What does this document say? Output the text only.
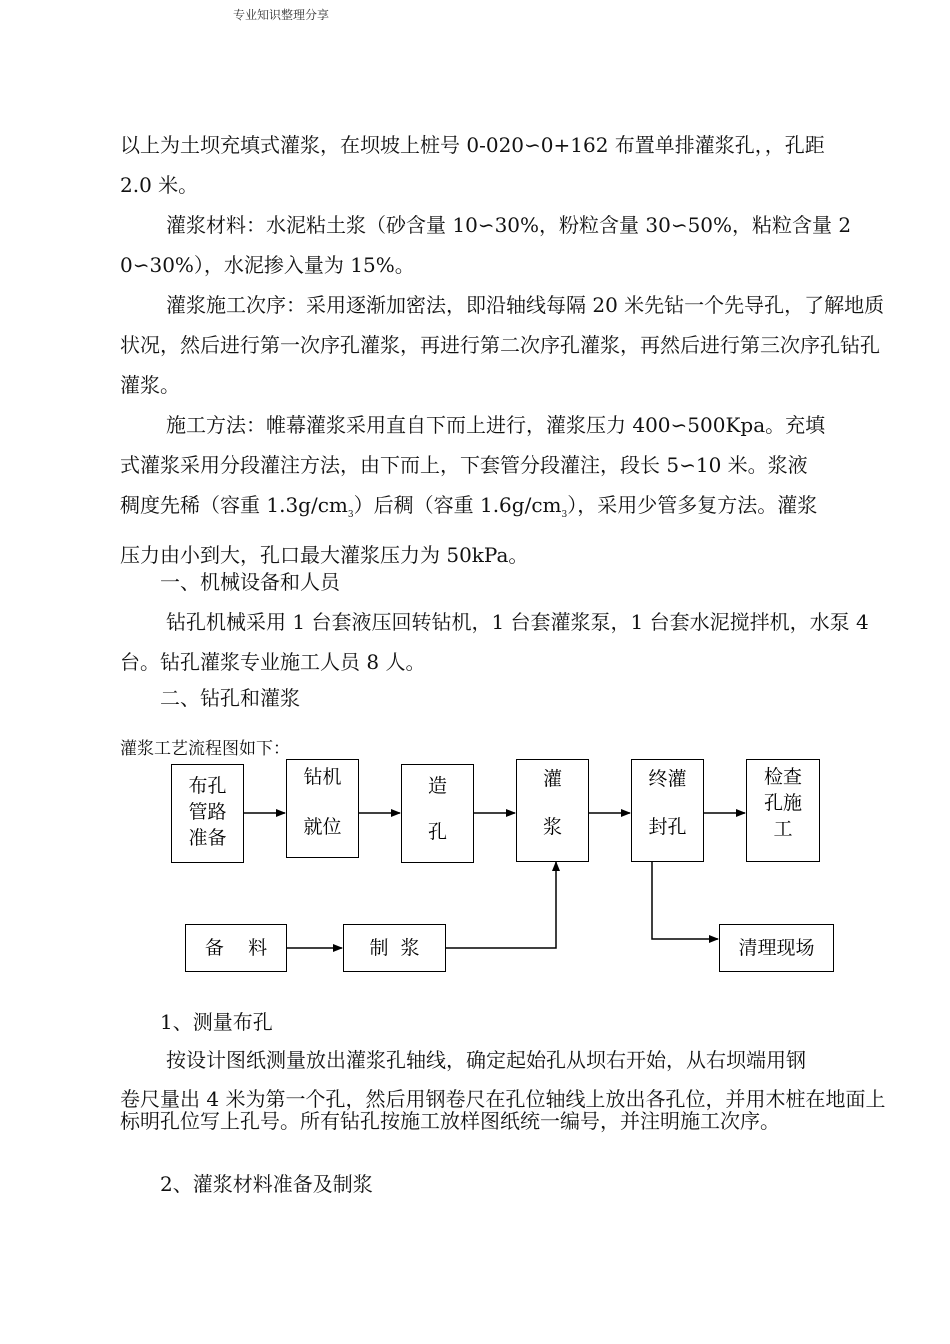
专业知识整理分享
以上为土坝充填式灌浆，在坝坡上桩号 0-020∽0+162 布置单排灌浆孔，，孔距
2.0 米。
灌浆材料：水泥粘土浆（砂含量 10∽30%，粉粒含量 30∽50%，粘粒含量 2
0∽30%），水泥掺入量为 15%。

灌浆施工次序：采用逐渐加密法，即沿轴线每隔 20 米先钻一个先导孔，了解地质状况，然后进行第一次序孔灌浆，再进行第二次序孔灌浆，再然后进行第三次序孔钻孔灌浆。

施工方法：帷幕灌浆采用直自下而上进行，灌浆压力 400∽500Kpa。充填
式灌浆采用分段灌注方法，由下而上，下套管分段灌注，段长 5∽10 米。浆液
稠度先稀（容重 $1.3g/cm_3$）后稠（容重 $1.6g/cm_3$），采用少管多复方法。灌浆
压力由小到大，孔口最大灌浆压力为 50kPa。
一、机械设备和人员

钻孔机械采用 1 台套液压回转钻机，1 台套灌浆泵，1 台套水泥搅拌机，水泵 4 台。钻孔灌浆专业施工人员 8 人。

二、钻孔和灌浆
灌浆工艺流程图如下：
布孔
管路
准备
钻机
就位
造
孔
灌
浆
终灌
封孔
检查
孔施
工
备    料	制  浆	清理现场
1、测量布孔
按设计图纸测量放出灌浆孔轴线，确定起始孔从坝右开始，从右坝端用钢
卷尺量出 4 米为第一个孔，然后用钢卷尺在孔位轴线上放出各孔位，并用木桩在地面上标明孔位写上孔号。所有钻孔按施工放样图纸统一编号，并注明施工次序。
2、灌浆材料准备及制浆
